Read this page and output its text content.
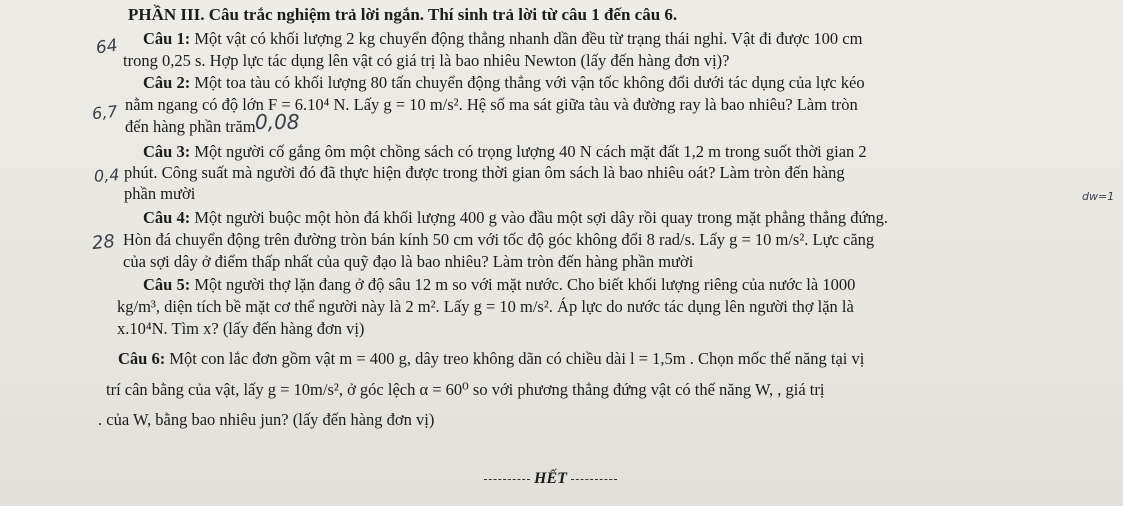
PHẦN III. Câu trắc nghiệm trả lời ngắn. Thí sinh trả lời từ câu 1 đến câu 6.
Câu 1: Một vật có khối lượng 2 kg chuyển động thẳng nhanh dần đều từ trạng thái nghỉ. Vật đi được 100 cm
trong 0,25 s. Hợp lực tác dụng lên vật có giá trị là bao nhiêu Newton (lấy đến hàng đơn vị)?
Câu 2: Một toa tàu có khối lượng 80 tấn chuyển động thẳng với vận tốc không đổi dưới tác dụng của lực kéo
nằm ngang có độ lớn F = 6.10⁴ N. Lấy g = 10 m/s². Hệ số ma sát giữa tàu và đường ray là bao nhiêu? Làm tròn
đến hàng phần trăm
Câu 3: Một người cố gắng ôm một chồng sách có trọng lượng 40 N cách mặt đất 1,2 m trong suốt thời gian 2
phút. Công suất mà người đó đã thực hiện được trong thời gian ôm sách là bao nhiêu oát? Làm tròn đến hàng
phần mười
Câu 4: Một người buộc một hòn đá khối lượng 400 g vào đầu một sợi dây rồi quay trong mặt phẳng thẳng đứng.
Hòn đá chuyển động trên đường tròn bán kính 50 cm với tốc độ góc không đổi 8 rad/s. Lấy g = 10 m/s². Lực căng
của sợi dây ở điểm thấp nhất của quỹ đạo là bao nhiêu? Làm tròn đến hàng phần mười
Câu 5: Một người thợ lặn đang ở độ sâu 12 m so với mặt nước. Cho biết khối lượng riêng của nước là 1000
kg/m³, diện tích bề mặt cơ thể người này là 2 m². Lấy g = 10 m/s². Áp lực do nước tác dụng lên người thợ lặn là
x.10⁴N. Tìm x? (lấy đến hàng đơn vị)
Câu 6: Một con lắc đơn gồm vật m = 400 g, dây treo không dãn có chiều dài l = 1,5m . Chọn mốc thế năng tại vị
trí cân bằng của vật, lấy g = 10m/s², ở góc lệch α = 60⁰ so với phương thẳng đứng vật có thế năng W, , giá trị
. của W, bằng bao nhiêu jun? (lấy đến hàng đơn vị)
HẾT
64
6,7	0,08
0,4
dw=1
28
